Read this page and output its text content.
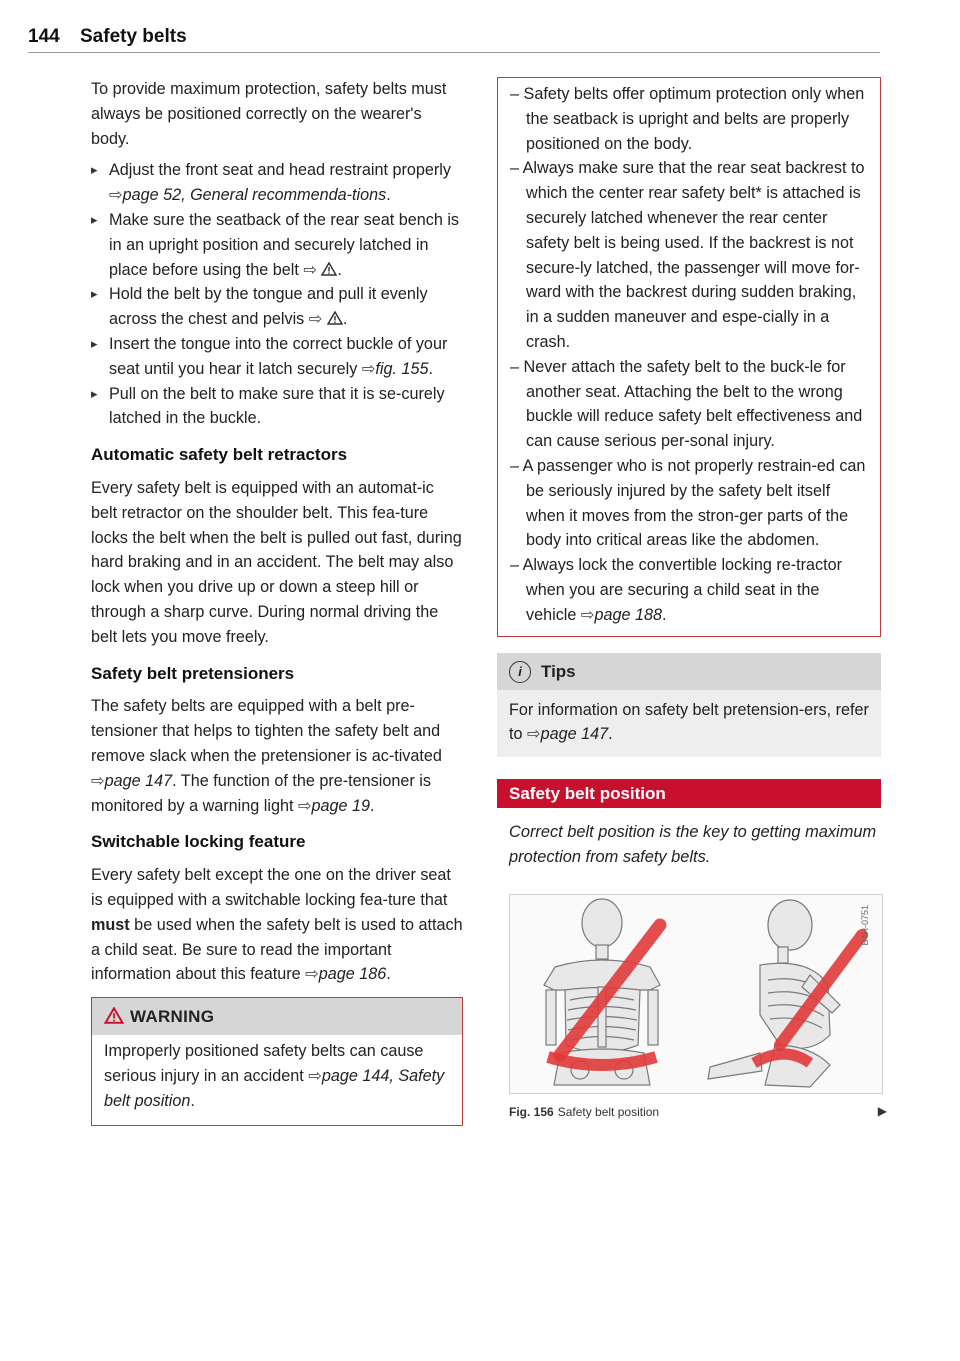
144 Safety belts

To provide maximum protection, safety belts must always be positioned correctly on the wearer's body.

▸ Adjust the front seat and head restraint properly ⇨page 52, General recommenda-tions.

▸ Make sure the seatback of the rear seat bench is in an upright position and securely latched in place before using the belt ⇨ .

▸ Hold the belt by the tongue and pull it evenly across the chest and pelvis ⇨ .

▸ Insert the tongue into the correct buckle of your seat until you hear it latch securely ⇨fig. 155.

▸ Pull on the belt to make sure that it is se-curely latched in the buckle.

Automatic safety belt retractors

Every safety belt is equipped with an automat-ic belt retractor on the shoulder belt. This fea-ture locks the belt when the belt is pulled out fast, during hard braking and in an accident. The belt may also lock when you drive up or down a steep hill or through a sharp curve. During normal driving the belt lets you move freely.

Safety belt pretensioners

The safety belts are equipped with a belt pre-tensioner that helps to tighten the safety belt and remove slack when the pretensioner is ac-tivated ⇨page 147. The function of the pre-tensioner is monitored by a warning light ⇨page 19.

Switchable locking feature

Every safety belt except the one on the driver seat is equipped with a switchable locking fea-ture that must be used when the safety belt is used to attach a child seat. Be sure to read the important information about this feature ⇨page 186.

WARNING
Improperly positioned safety belts can cause serious injury in an accident ⇨page 144, Safety belt position.

– Safety belts offer optimum protection only when the seatback is upright and belts are properly positioned on the body.

– Always make sure that the rear seat backrest to which the center rear safety belt* is attached is securely latched whenever the rear center safety belt is being used. If the backrest is not secure-ly latched, the passenger will move for-ward with the backrest during sudden braking, in a sudden maneuver and espe-cially in a crash.

– Never attach the safety belt to the buck-le for another seat. Attaching the belt to the wrong buckle will reduce safety belt effectiveness and can cause serious per-sonal injury.

– A passenger who is not properly restrain-ed can be seriously injured by the safety belt itself when it moves from the stron-ger parts of the body into critical areas like the abdomen.

– Always lock the convertible locking re-tractor when you are securing a child seat in the vehicle ⇨page 188.

i Tips
For information on safety belt pretension-ers, refer to ⇨page 147.
Safety belt position

Correct belt position is the key to getting maximum protection from safety belts.

B4H-0751
Fig. 156 Safety belt position	▶
